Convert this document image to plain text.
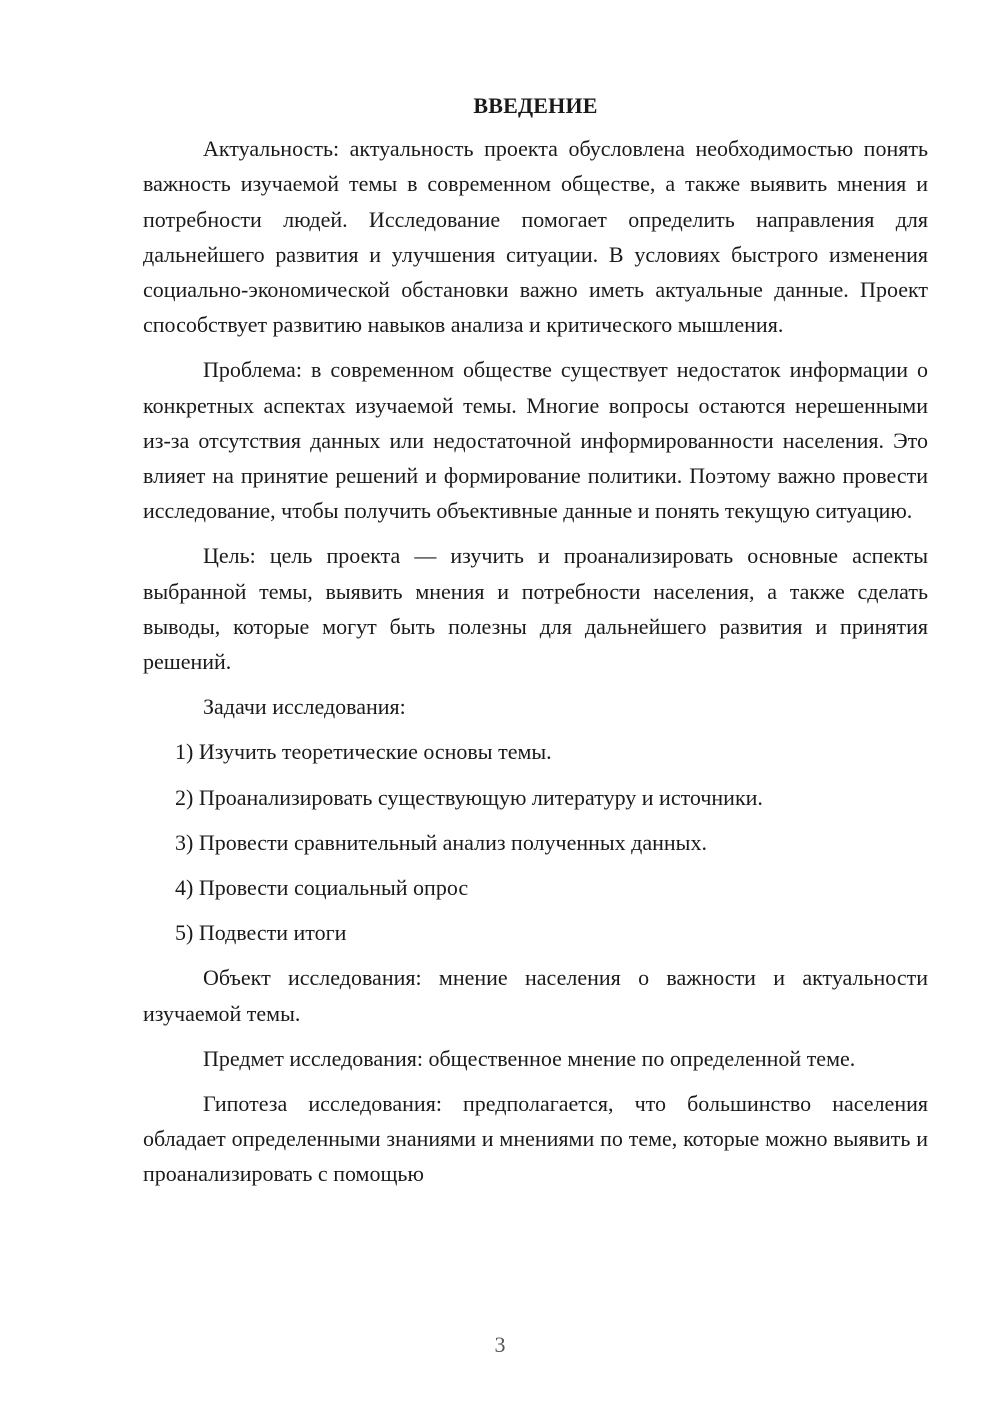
ВВЕДЕНИЕ

Актуальность: актуальность проекта обусловлена необходимостью понять важность изучаемой темы в современном обществе, а также выявить мнения и потребности людей. Исследование помогает определить направления для дальнейшего развития и улучшения ситуации. В условиях быстрого изменения социально-экономической обстановки важно иметь актуальные данные. Проект способствует развитию навыков анализа и критического мышления.

Проблема: в современном обществе существует недостаток информации о конкретных аспектах изучаемой темы. Многие вопросы остаются нерешенными из-за отсутствия данных или недостаточной информированности населения. Это влияет на принятие решений и формирование политики. Поэтому важно провести исследование, чтобы получить объективные данные и понять текущую ситуацию.

Цель: цель проекта — изучить и проанализировать основные аспекты выбранной темы, выявить мнения и потребности населения, а также сделать выводы, которые могут быть полезны для дальнейшего развития и принятия решений.

Задачи исследования:

1) Изучить теоретические основы темы.
2) Проанализировать существующую литературу и источники.
3) Провести сравнительный анализ полученных данных.
4) Провести социальный опрос
5) Подвести итоги

Объект исследования: мнение населения о важности и актуальности изучаемой темы.

Предмет исследования: общественное мнение по определенной теме.

Гипотеза исследования: предполагается, что большинство населения обладает определенными знаниями и мнениями по теме, которые можно выявить и проанализировать с помощью

3
